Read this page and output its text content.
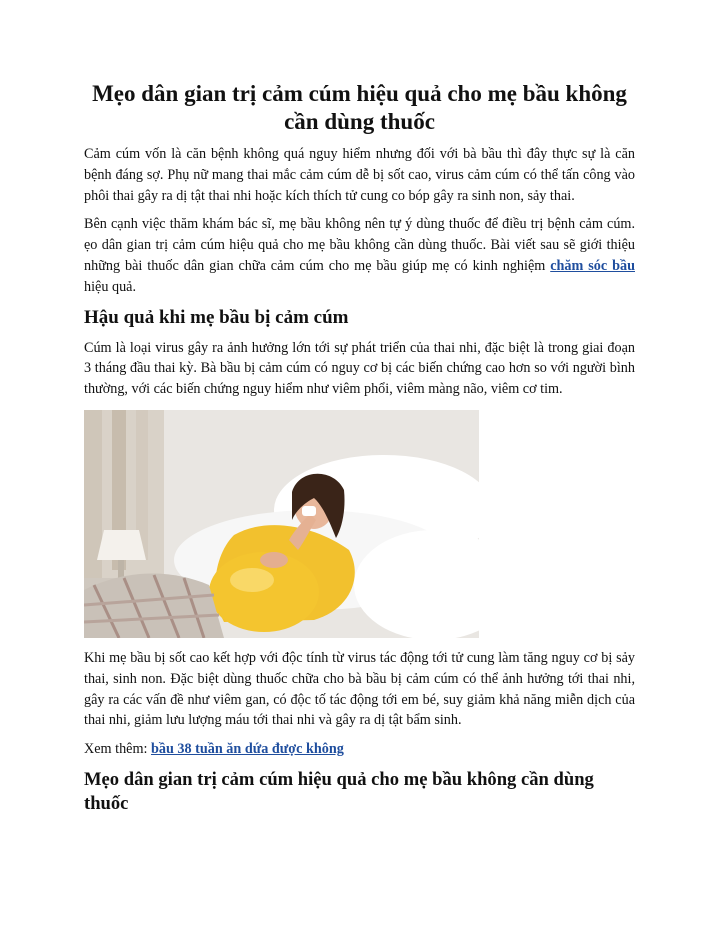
Mẹo dân gian trị cảm cúm hiệu quả cho mẹ bầu không cần dùng thuốc

Cảm cúm vốn là căn bệnh không quá nguy hiểm nhưng đối với bà bầu thì đây thực sự là căn bệnh đáng sợ. Phụ nữ mang thai mắc cảm cúm dễ bị sốt cao, virus cảm cúm có thể tấn công vào phôi thai gây ra dị tật thai nhi hoặc kích thích tử cung co bóp gây ra sinh non, sảy thai.

Bên cạnh việc thăm khám bác sĩ, mẹ bầu không nên tự ý dùng thuốc để điều trị bệnh cảm cúm. ẹo dân gian trị cảm cúm hiệu quả cho mẹ bầu không cần dùng thuốc. Bài viết sau sẽ giới thiệu những bài thuốc dân gian chữa cảm cúm cho mẹ bầu giúp mẹ có kinh nghiệm chăm sóc bầu hiệu quả.

Hậu quả khi mẹ bầu bị cảm cúm

Cúm là loại virus gây ra ảnh hưởng lớn tới sự phát triển của thai nhi, đặc biệt là trong giai đoạn 3 tháng đầu thai kỳ. Bà bầu bị cảm cúm có nguy cơ bị các biến chứng cao hơn so với người bình thường, với các biến chứng nguy hiểm như viêm phổi, viêm màng não, viêm cơ tim.

Khi mẹ bầu bị sốt cao kết hợp với độc tính từ virus tác động tới tử cung làm tăng nguy cơ bị sảy thai, sinh non. Đặc biệt dùng thuốc chữa cho bà bầu bị cảm cúm có thể ảnh hưởng tới thai nhi, gây ra các vấn đề như viêm gan, có độc tố tác động tới em bé, suy giảm khả năng miễn dịch của thai nhi, giảm lưu lượng máu tới thai nhi và gây ra dị tật bẩm sinh.

Xem thêm: bầu 38 tuần ăn dứa được không

Mẹo dân gian trị cảm cúm hiệu quả cho mẹ bầu không cần dùng thuốc
